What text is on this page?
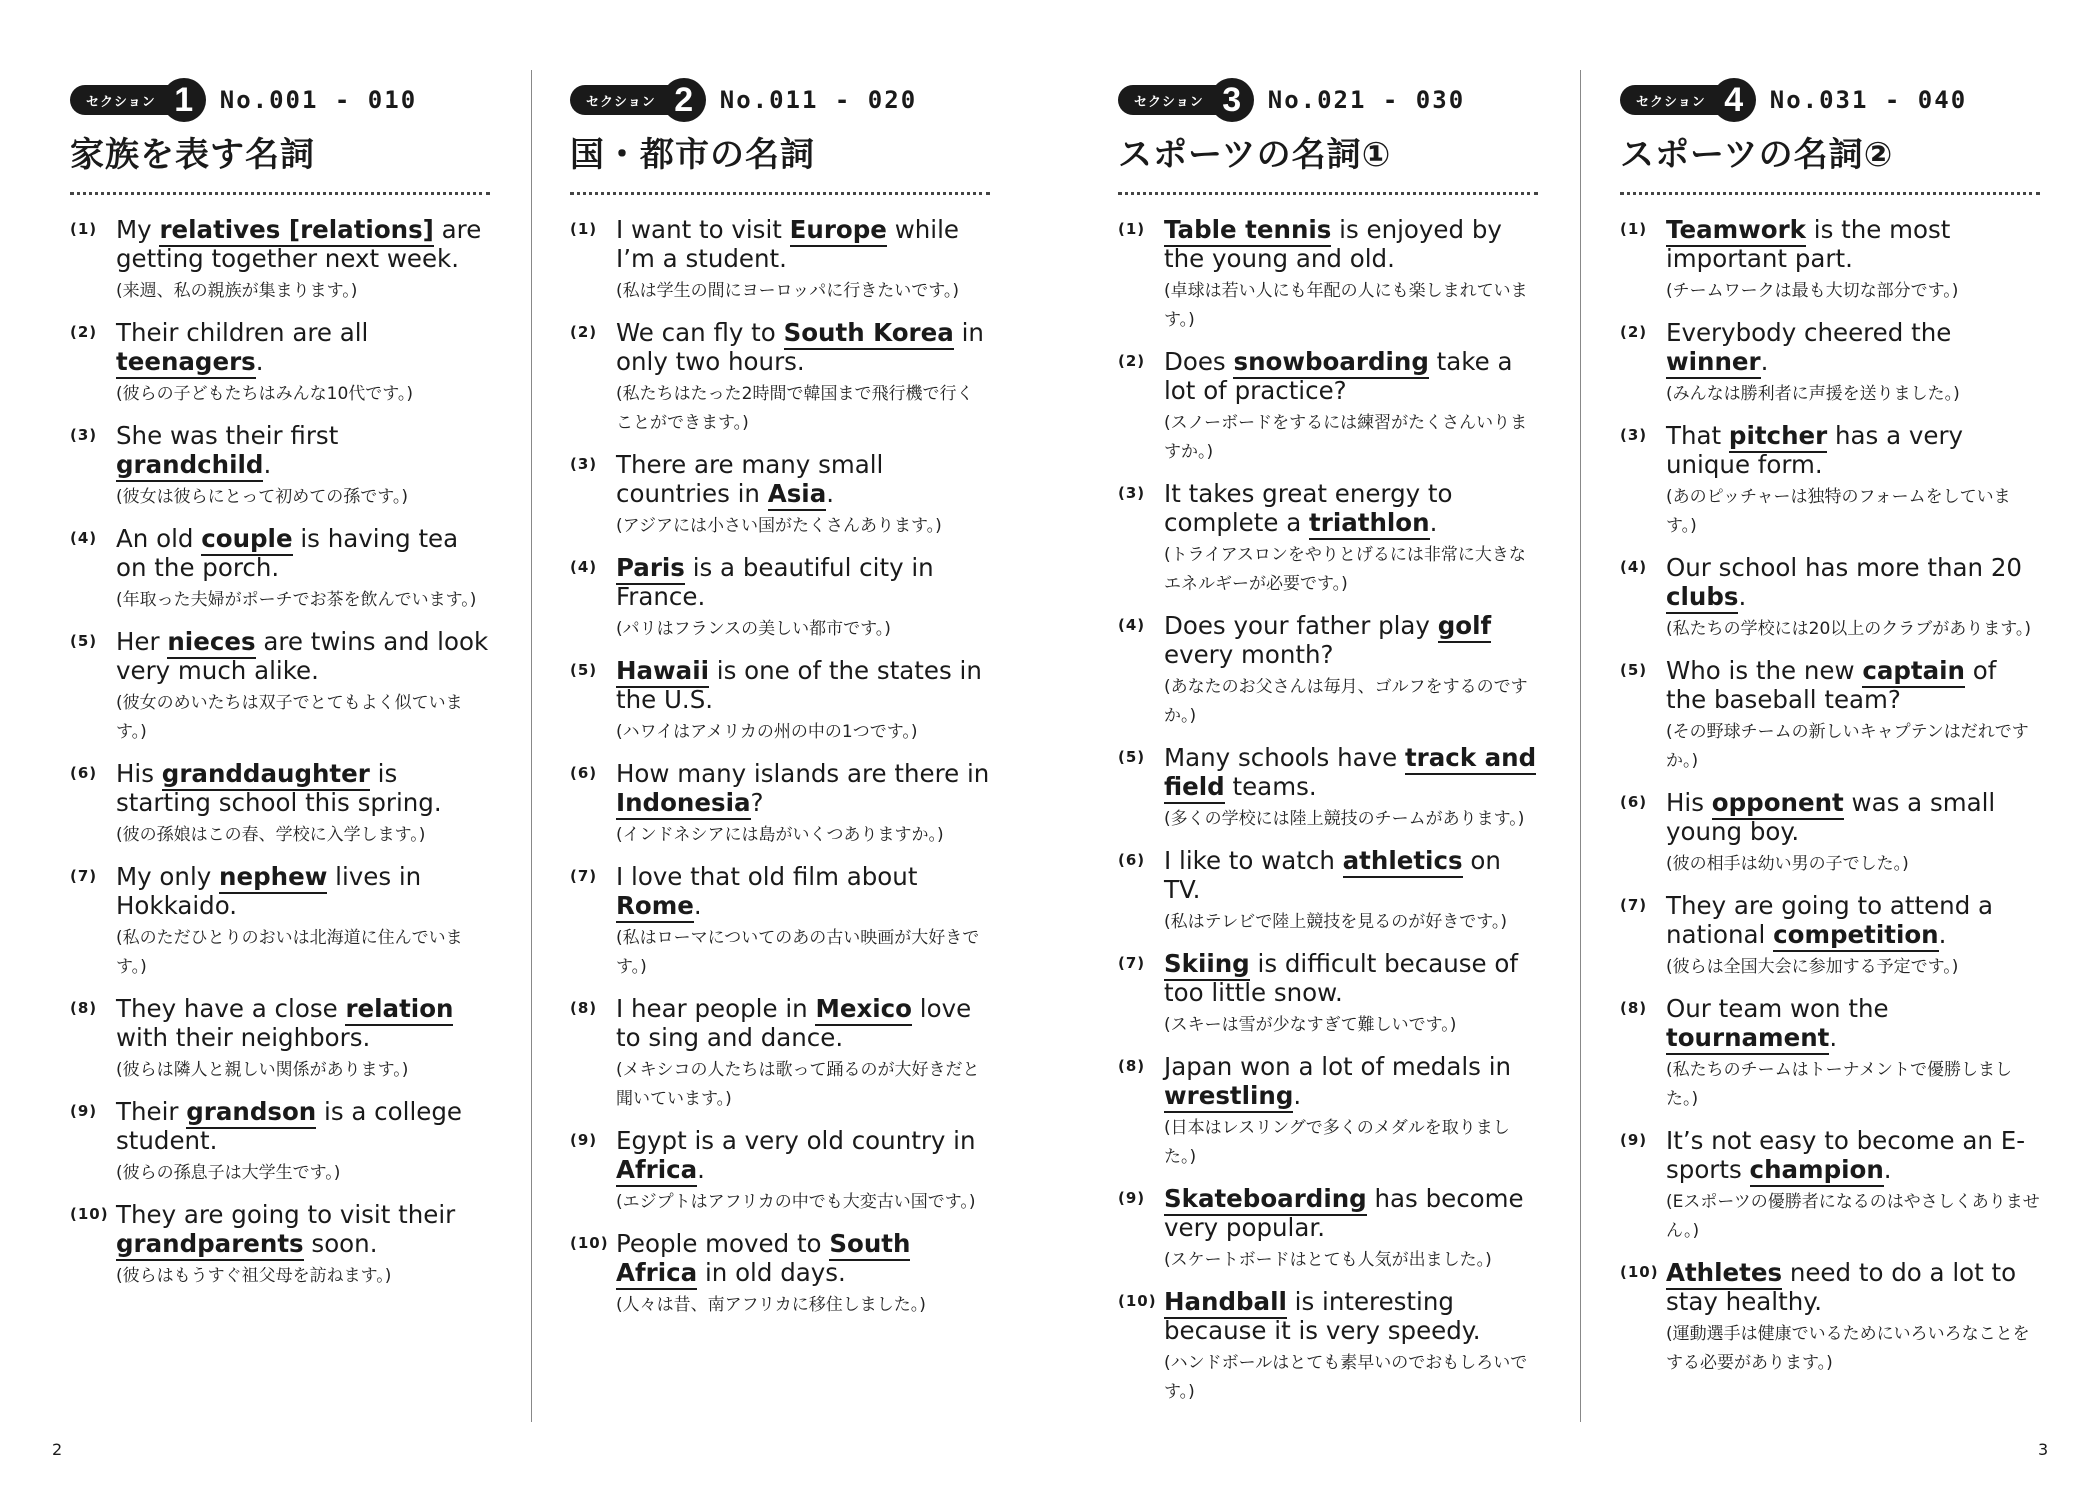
セクション 1	No.001 - 010
家族を表す名詞
(1) My relatives [relations] are getting together next week.
(来週、私の親族が集まります。)
(2) Their children are all teenagers.
(彼らの子どもたちはみんな10代です。)
(3) She was their first grandchild.
(彼女は彼らにとって初めての孫です。)
(4) An old couple is having tea on the porch.
(年取った夫婦がポーチでお茶を飲んでいます。)
(5) Her nieces are twins and look very much alike.
(彼女のめいたちは双子でとてもよく似ています。)
(6) His granddaughter is starting school this spring.
(彼の孫娘はこの春、学校に入学します。)
(7) My only nephew lives in Hokkaido.
(私のただひとりのおいは北海道に住んでいます。)
(8) They have a close relation with their neighbors.
(彼らは隣人と親しい関係があります。)
(9) Their grandson is a college student.
(彼らの孫息子は大学生です。)
(10) They are going to visit their grandparents soon.
(彼らはもうすぐ祖父母を訪ねます。)
セクション 2	No.011 - 020
国・都市の名詞
(1) I want to visit Europe while I’m a student.
(私は学生の間にヨーロッパに行きたいです。)
(2) We can fly to South Korea in only two hours.
(私たちはたった2時間で韓国まで飛行機で行くことができます。)
(3) There are many small countries in Asia.
(アジアには小さい国がたくさんあります。)
(4) Paris is a beautiful city in France.
(パリはフランスの美しい都市です。)
(5) Hawaii is one of the states in the U.S.
(ハワイはアメリカの州の中の1つです。)
(6) How many islands are there in Indonesia?
(インドネシアには島がいくつありますか。)
(7) I love that old film about Rome.
(私はローマについてのあの古い映画が大好きです。)
(8) I hear people in Mexico love to sing and dance.
(メキシコの人たちは歌って踊るのが大好きだと聞いています。)
(9) Egypt is a very old country in Africa.
(エジプトはアフリカの中でも大変古い国です。)
(10) People moved to South Africa in old days.
(人々は昔、南アフリカに移住しました。)
セクション 3	No.021 - 030
スポーツの名詞①
(1) Table tennis is enjoyed by the young and old.
(卓球は若い人にも年配の人にも楽しまれています。)
(2) Does snowboarding take a lot of practice?
(スノーボードをするには練習がたくさんいりますか。)
(3) It takes great energy to complete a triathlon.
(トライアスロンをやりとげるには非常に大きなエネルギーが必要です。)
(4) Does your father play golf every month?
(あなたのお父さんは毎月、ゴルフをするのですか。)
(5) Many schools have track and field teams.
(多くの学校には陸上競技のチームがあります。)
(6) I like to watch athletics on TV.
(私はテレビで陸上競技を見るのが好きです。)
(7) Skiing is difficult because of too little snow.
(スキーは雪が少なすぎて難しいです。)
(8) Japan won a lot of medals in wrestling.
(日本はレスリングで多くのメダルを取りました。)
(9) Skateboarding has become very popular.
(スケートボードはとても人気が出ました。)
(10) Handball is interesting because it is very speedy.
(ハンドボールはとても素早いのでおもしろいです。)
セクション 4	No.031 - 040
スポーツの名詞②
(1) Teamwork is the most important part.
(チームワークは最も大切な部分です。)
(2) Everybody cheered the winner.
(みんなは勝利者に声援を送りました。)
(3) That pitcher has a very unique form.
(あのピッチャーは独特のフォームをしています。)
(4) Our school has more than 20 clubs.
(私たちの学校には20以上のクラブがあります。)
(5) Who is the new captain of the baseball team?
(その野球チームの新しいキャプテンはだれですか。)
(6) His opponent was a small young boy.
(彼の相手は幼い男の子でした。)
(7) They are going to attend a national competition.
(彼らは全国大会に参加する予定です。)
(8) Our team won the tournament.
(私たちのチームはトーナメントで優勝しました。)
(9) It’s not easy to become an E-sports champion.
(Eスポーツの優勝者になるのはやさしくありません。)
(10) Athletes need to do a lot to stay healthy.
(運動選手は健康でいるためにいろいろなことをする必要があります。)
2	3
